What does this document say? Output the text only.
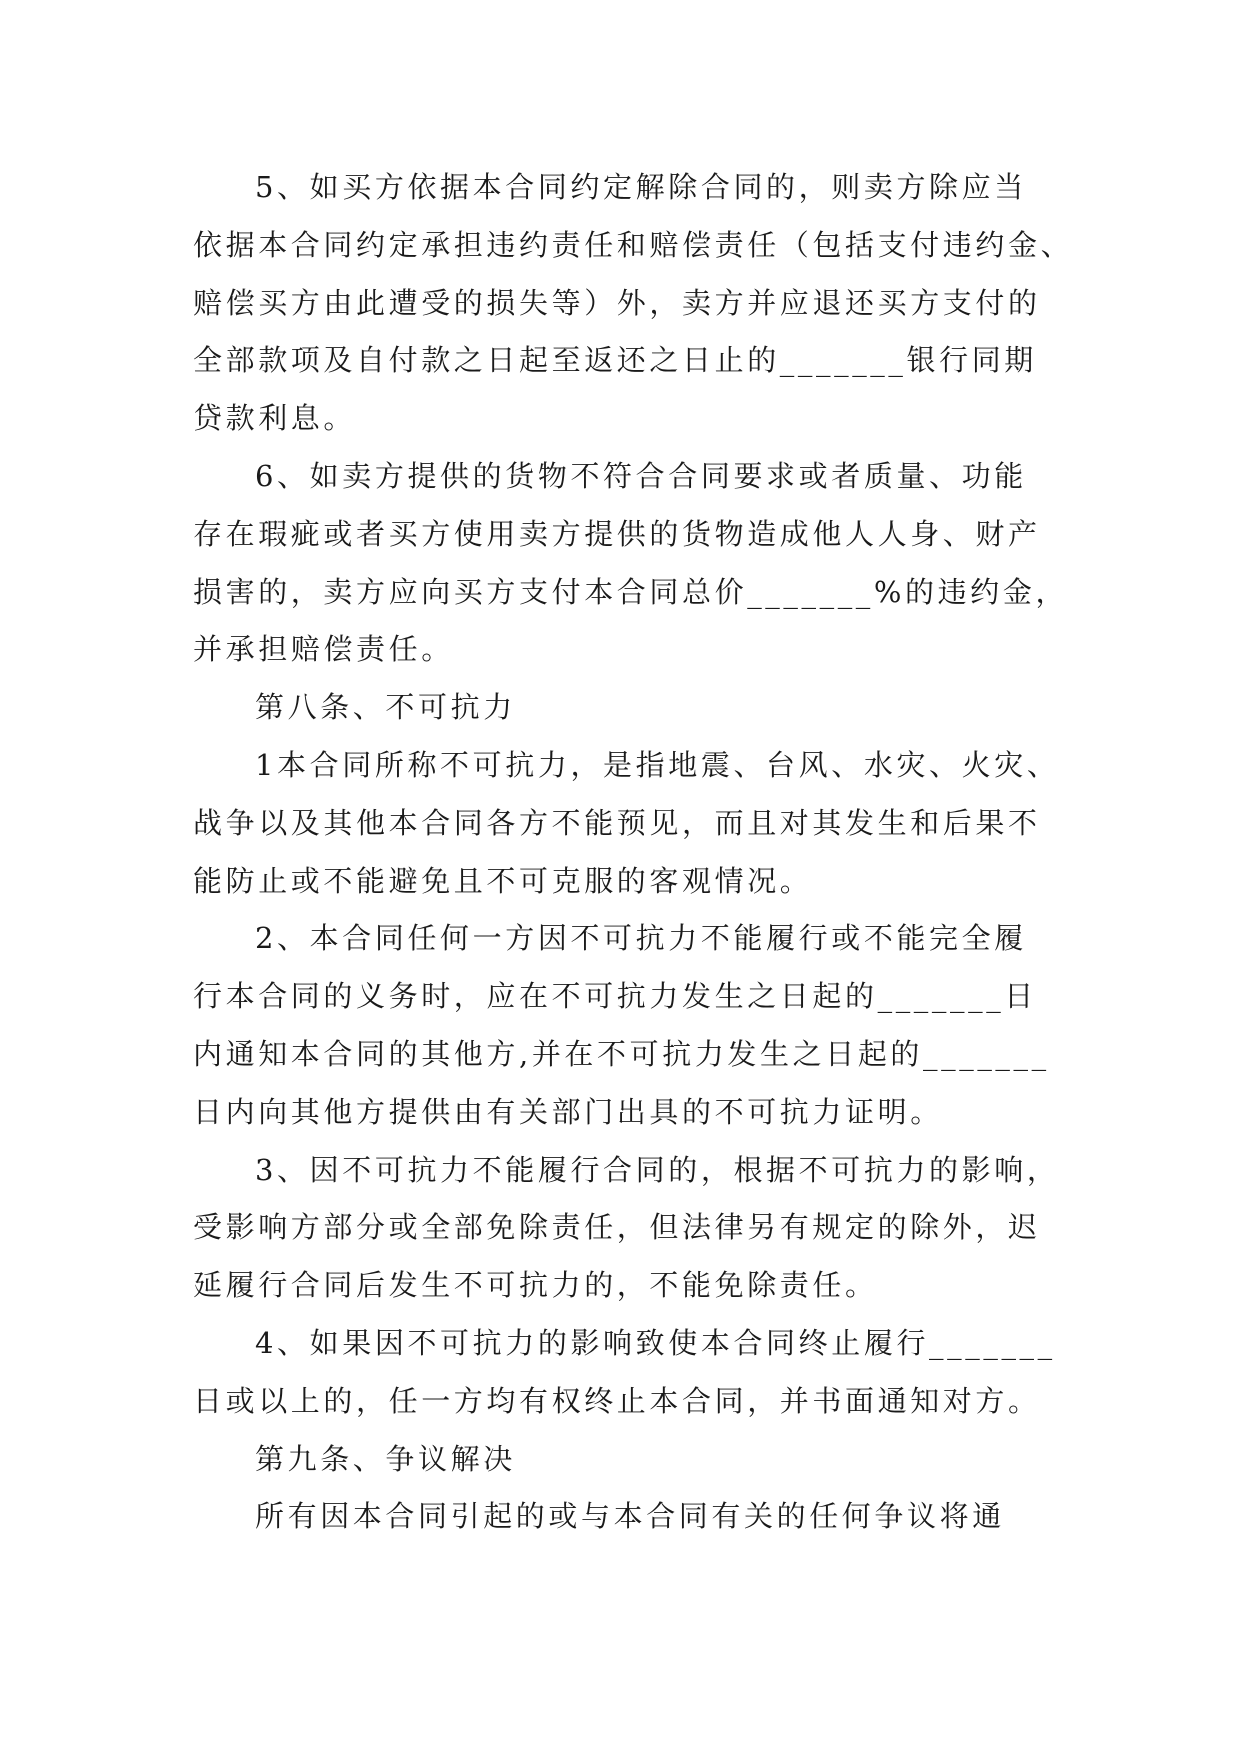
5、如买方依据本合同约定解除合同的，则卖方除应当
依据本合同约定承担违约责任和赔偿责任（包括支付违约金、
赔偿买方由此遭受的损失等）外，卖方并应退还买方支付的
全部款项及自付款之日起至返还之日止的_______银行同期
贷款利息。
6、如卖方提供的货物不符合合同要求或者质量、功能
存在瑕疵或者买方使用卖方提供的货物造成他人人身、财产
损害的，卖方应向买方支付本合同总价_______%的违约金，
并承担赔偿责任。
第八条、不可抗力
1本合同所称不可抗力，是指地震、台风、水灾、火灾、
战争以及其他本合同各方不能预见，而且对其发生和后果不
能防止或不能避免且不可克服的客观情况。
2、本合同任何一方因不可抗力不能履行或不能完全履
行本合同的义务时，应在不可抗力发生之日起的_______日
内通知本合同的其他方,并在不可抗力发生之日起的_______
日内向其他方提供由有关部门出具的不可抗力证明。
3、因不可抗力不能履行合同的，根据不可抗力的影响，
受影响方部分或全部免除责任，但法律另有规定的除外，迟
延履行合同后发生不可抗力的，不能免除责任。
4、如果因不可抗力的影响致使本合同终止履行_______
日或以上的，任一方均有权终止本合同，并书面通知对方。
第九条、争议解决
所有因本合同引起的或与本合同有关的任何争议将通
